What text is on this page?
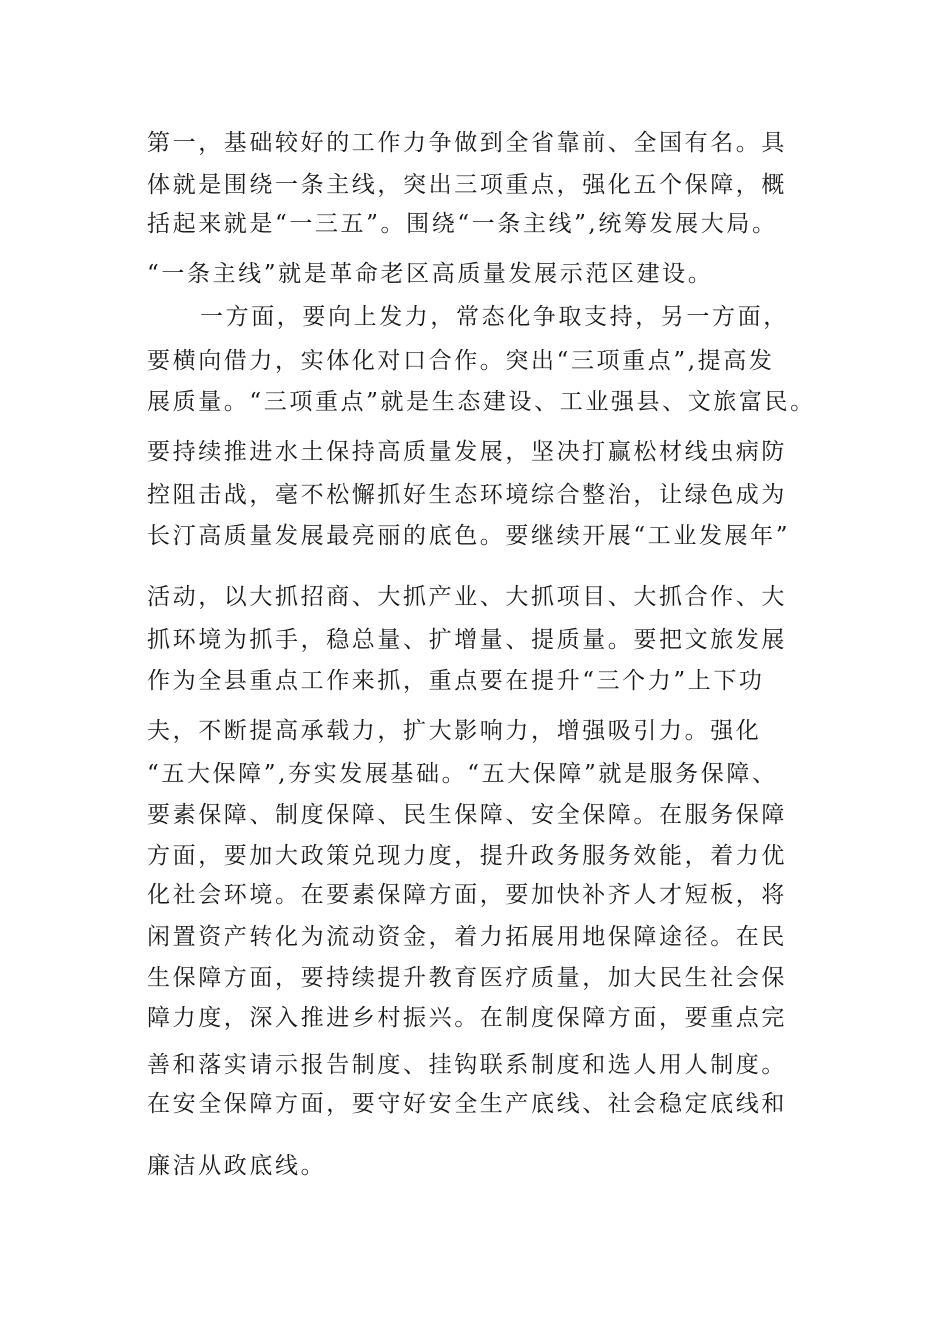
第一，基础较好的工作力争做到全省靠前、全国有名。具

体就是围绕一条主线，突出三项重点，强化五个保障，概

括起来就是“一三五”。围绕“一条主线”,统筹发展大局。

“一条主线”就是革命老区高质量发展示范区建设。

一方面，要向上发力，常态化争取支持，另一方面，

要横向借力，实体化对口合作。突出“三项重点”,提高发

展质量。“三项重点”就是生态建设、工业强县、文旅富民。

要持续推进水土保持高质量发展，坚决打赢松材线虫病防

控阻击战，毫不松懈抓好生态环境综合整治，让绿色成为

长汀高质量发展最亮丽的底色。要继续开展“工业发展年”

活动，以大抓招商、大抓产业、大抓项目、大抓合作、大

抓环境为抓手，稳总量、扩增量、提质量。要把文旅发展

作为全县重点工作来抓，重点要在提升“三个力”上下功

夫，不断提高承载力，扩大影响力，增强吸引力。强化

“五大保障”,夯实发展基础。“五大保障”就是服务保障、

要素保障、制度保障、民生保障、安全保障。在服务保障

方面，要加大政策兑现力度，提升政务服务效能，着力优

化社会环境。在要素保障方面，要加快补齐人才短板，将

闲置资产转化为流动资金，着力拓展用地保障途径。在民

生保障方面，要持续提升教育医疗质量，加大民生社会保

障力度，深入推进乡村振兴。在制度保障方面，要重点完

善和落实请示报告制度、挂钩联系制度和选人用人制度。

在安全保障方面，要守好安全生产底线、社会稳定底线和

廉洁从政底线。
